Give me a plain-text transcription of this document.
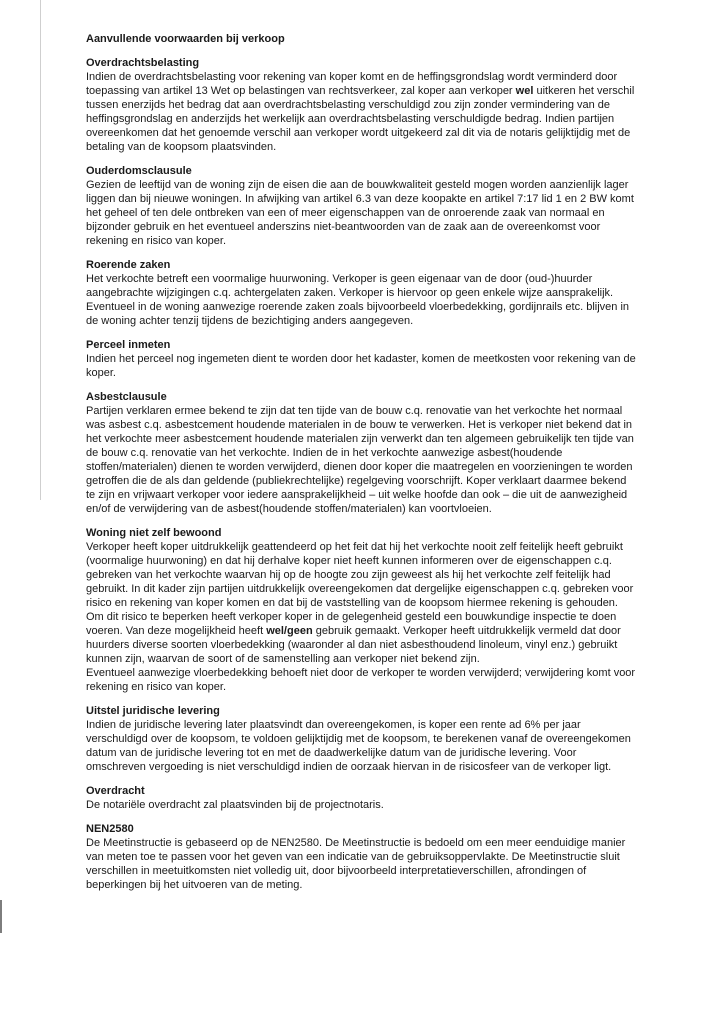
Aanvullende voorwaarden bij verkoop
Overdrachtsbelasting

Indien de overdrachtsbelasting voor rekening van koper komt en de heffingsgrondslag wordt verminderd door toepassing van artikel 13 Wet op belastingen van rechtsverkeer, zal koper aan verkoper wel uitkeren het verschil tussen enerzijds het bedrag dat aan overdrachtsbelasting verschuldigd zou zijn zonder vermindering van de heffingsgrondslag en anderzijds het werkelijk aan overdrachtsbelasting verschuldigde bedrag. Indien partijen overeenkomen dat het genoemde verschil aan verkoper wordt uitgekeerd zal dit via de notaris gelijktijdig met de betaling van de koopsom plaatsvinden.

Ouderdomsclausule

Gezien de leeftijd van de woning zijn de eisen die aan de bouwkwaliteit gesteld mogen worden aanzienlijk lager liggen dan bij nieuwe woningen. In afwijking van artikel 6.3 van deze koopakte en artikel 7:17 lid 1 en 2 BW komt het geheel of ten dele ontbreken van een of meer eigenschappen van de onroerende zaak van normaal en bijzonder gebruik en het eventueel anderszins niet-beantwoorden van de zaak aan de overeenkomst voor rekening en risico van koper.

Roerende zaken

Het verkochte betreft een voormalige huurwoning. Verkoper is geen eigenaar van de door (oud-)huurder aangebrachte wijzigingen c.q. achtergelaten zaken. Verkoper is hiervoor op geen enkele wijze aansprakelijk. Eventueel in de woning aanwezige roerende zaken zoals bijvoorbeeld vloerbedekking, gordijnrails etc. blijven in de woning achter tenzij tijdens de bezichtiging anders aangegeven.

Perceel inmeten

Indien het perceel nog ingemeten dient te worden door het kadaster, komen de meetkosten voor rekening van de koper.

Asbestclausule

Partijen verklaren ermee bekend te zijn dat ten tijde van de bouw c.q. renovatie van het verkochte het normaal was asbest c.q. asbestcement houdende materialen in de bouw te verwerken. Het is verkoper niet bekend dat in het verkochte meer asbestcement houdende materialen zijn verwerkt dan ten algemeen gebruikelijk ten tijde van de bouw c.q. renovatie van het verkochte. Indien de in het verkochte aanwezige asbest(houdende stoffen/materialen) dienen te worden verwijderd, dienen door koper die maatregelen en voorzieningen te worden getroffen die de als dan geldende (publiekrechtelijke) regelgeving voorschrijft. Koper verklaart daarmee bekend te zijn en vrijwaart verkoper voor iedere aansprakelijkheid – uit welke hoofde dan ook – die uit de aanwezigheid en/of de verwijdering van de asbest(houdende stoffen/materialen) kan voortvloeien.

Woning niet zelf bewoond

Verkoper heeft koper uitdrukkelijk geattendeerd op het feit dat hij het verkochte nooit zelf feitelijk heeft gebruikt (voormalige huurwoning) en dat hij derhalve koper niet heeft kunnen informeren over de eigenschappen c.q. gebreken van het verkochte waarvan hij op de hoogte zou zijn geweest als hij het verkochte zelf feitelijk had gebruikt. In dit kader zijn partijen uitdrukkelijk overeengekomen dat dergelijke eigenschappen c.q. gebreken voor risico en rekening van koper komen en dat bij de vaststelling van de koopsom hiermee rekening is gehouden. Om dit risico te beperken heeft verkoper koper in de gelegenheid gesteld een bouwkundige inspectie te doen voeren. Van deze mogelijkheid heeft wel/geen gebruik gemaakt. Verkoper heeft uitdrukkelijk vermeld dat door huurders diverse soorten vloerbedekking (waaronder al dan niet asbesthoudend linoleum, vinyl enz.) gebruikt kunnen zijn, waarvan de soort of de samenstelling aan verkoper niet bekend zijn.

Eventueel aanwezige vloerbedekking behoeft niet door de verkoper te worden verwijderd; verwijdering komt voor rekening en risico van koper.

Uitstel juridische levering

Indien de juridische levering later plaatsvindt dan overeengekomen, is koper een rente ad 6% per jaar verschuldigd over de koopsom, te voldoen gelijktijdig met de koopsom, te berekenen vanaf de overeengekomen datum van de juridische levering tot en met de daadwerkelijke datum van de juridische levering. Voor omschreven vergoeding is niet verschuldigd indien de oorzaak hiervan in de risicosfeer van de verkoper ligt.

Overdracht

De notariële overdracht zal plaatsvinden bij de projectnotaris.

NEN2580

De Meetinstructie is gebaseerd op de NEN2580. De Meetinstructie is bedoeld om een meer eenduidige manier van meten toe te passen voor het geven van een indicatie van de gebruiksoppervlakte. De Meetinstructie sluit verschillen in meetuitkomsten niet volledig uit, door bijvoorbeeld interpretatieverschillen, afrondingen of beperkingen bij het uitvoeren van de meting.
